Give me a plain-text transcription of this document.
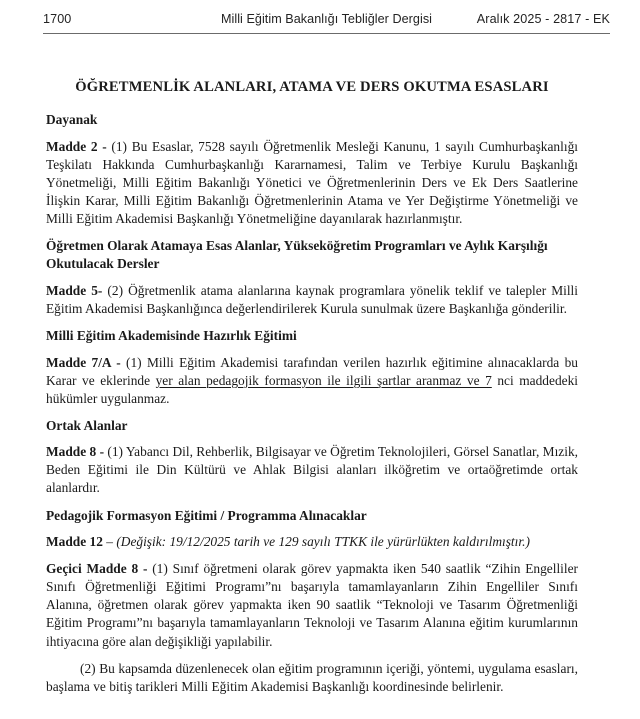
1700	Milli Eğitim Bakanlığı Tebliğler Dergisi	Aralık 2025 - 2817 - EK
ÖĞRETMENLİK ALANLARI, ATAMA VE DERS OKUTMA ESASLARI
Dayanak

Madde 2 - (1) Bu Esaslar, 7528 sayılı Öğretmenlik Mesleği Kanunu, 1 sayılı Cumhurbaşkanlığı Teşkilatı Hakkında Cumhurbaşkanlığı Kararnamesi, Talim ve Terbiye Kurulu Başkanlığı Yönetmeliği, Milli Eğitim Bakanlığı Yönetici ve Öğretmenlerinin Ders ve Ek Ders Saatlerine İlişkin Karar, Milli Eğitim Bakanlığı Öğretmenlerinin Atama ve Yer Değiştirme Yönetmeliği ve Milli Eğitim Akademisi Başkanlığı Yönetmeliğine dayanılarak hazırlanmıştır.

Öğretmen Olarak Atamaya Esas Alanlar, Yükseköğretim Programları ve Aylık Karşılığı Okutulacak Dersler

Madde 5- (2) Öğretmenlik atama alanlarına kaynak programlara yönelik teklif ve talepler Milli Eğitim Akademisi Başkanlığınca değerlendirilerek Kurula sunulmak üzere Başkanlığa gönderilir.

Milli Eğitim Akademisinde Hazırlık Eğitimi

Madde 7/A - (1) Milli Eğitim Akademisi tarafından verilen hazırlık eğitimine alınacaklarda bu Karar ve eklerinde yer alan pedagojik formasyon ile ilgili şartlar aranmaz ve 7 nci maddedeki hükümler uygulanmaz.

Ortak Alanlar

Madde 8 - (1) Yabancı Dil, Rehberlik, Bilgisayar ve Öğretim Teknolojileri, Görsel Sanatlar, Mızik, Beden Eğitimi ile Din Kültürü ve Ahlak Bilgisi alanları ilköğretim ve ortaöğretimde ortak alanlardır.

Pedagojik Formasyon Eğitimi / Programma Alınacaklar

Madde 12 – (Değişik: 19/12/2025 tarih ve 129 sayılı TTKK ile yürürlükten kaldırılmıştır.)

Geçici Madde 8 - (1) Sınıf öğretmeni olarak görev yapmakta iken 540 saatlik “Zihin Engelliler Sınıfı Öğretmenliği Eğitimi Programı”nı başarıyla tamamlayanların Zihin Engelliler Sınıfı Alanına, öğretmen olarak görev yapmakta iken 90 saatlik “Teknoloji ve Tasarım Öğretmenliği Eğitim Programı”nı başarıyla tamamlayanların Teknoloji ve Tasarım Alanına eğitim kurumlarının ihtiyacına göre alan değişikliği yapılabilir.

(2) Bu kapsamda düzenlenecek olan eğitim programının içeriği, yöntemi, uygulama esasları, başlama ve bitiş tarikleri Milli Eğitim Akademisi Başkanlığı koordinesinde belirlenir.
